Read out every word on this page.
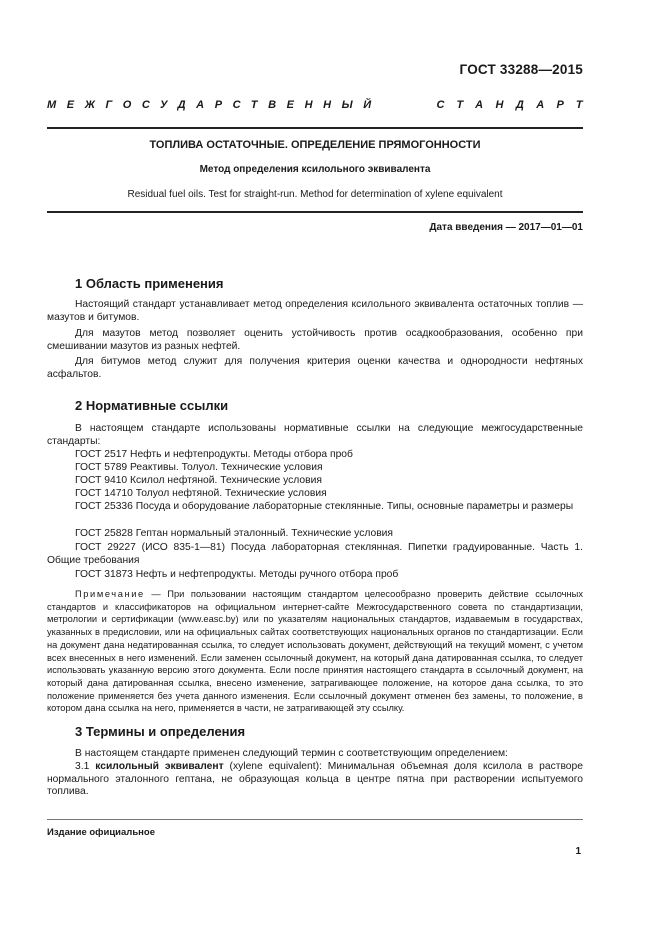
ГОСТ 33288—2015
МЕЖГОСУДАРСТВЕННЫЙ	СТАНДАРТ
ТОПЛИВА ОСТАТОЧНЫЕ. ОПРЕДЕЛЕНИЕ ПРЯМОГОННОСТИ
Метод определения ксилольного эквивалента
Residual fuel oils. Test for straight-run. Method for determination of xylene equivalent
Дата введения — 2017—01—01
1 Область применения
Настоящий стандарт устанавливает метод определения ксилольного эквивалента остаточных топлив — мазутов и битумов.
Для мазутов метод позволяет оценить устойчивость против осадкообразования, особенно при смешивании мазутов из разных нефтей.
Для битумов метод служит для получения критерия оценки качества и однородности нефтяных асфальтов.
2 Нормативные ссылки
В настоящем стандарте использованы нормативные ссылки на следующие межгосударственные стандарты:
ГОСТ 2517 Нефть и нефтепродукты. Методы отбора проб
ГОСТ 5789 Реактивы. Толуол. Технические условия
ГОСТ 9410 Ксилол нефтяной. Технические условия
ГОСТ 14710 Толуол нефтяной. Технические условия
ГОСТ 25336 Посуда и оборудование лабораторные стеклянные. Типы, основные параметры и размеры
ГОСТ 25828 Гептан нормальный эталонный. Технические условия
ГОСТ 29227 (ИСО 835-1—81) Посуда лабораторная стеклянная. Пипетки градуированные. Часть 1. Общие требования
ГОСТ 31873 Нефть и нефтепродукты. Методы ручного отбора проб
Примечание — При пользовании настоящим стандартом целесообразно проверить действие ссылочных стандартов и классификаторов на официальном интернет-сайте Межгосударственного совета по стандартизации, метрологии и сертификации (www.easc.by) или по указателям национальных стандартов, издаваемым в государствах, указанных в предисловии, или на официальных сайтах соответствующих национальных органов по стандартизации. Если на документ дана недатированная ссылка, то следует использовать документ, действующий на текущий момент, с учетом всех внесенных в него изменений. Если заменен ссылочный документ, на который дана датированная ссылка, то следует использовать указанную версию этого документа. Если после принятия настоящего стандарта в ссылочный документ, на который дана датированная ссылка, внесено изменение, затрагивающее положение, на которое дана ссылка, то это положение применяется без учета данного изменения. Если ссылочный документ отменен без замены, то положение, в котором дана ссылка на него, применяется в части, не затрагивающей эту ссылку.
3 Термины и определения
В настоящем стандарте применен следующий термин с соответствующим определением:
3.1 ксилольный эквивалент (xylene equivalent): Минимальная объемная доля ксилола в растворе нормального эталонного гептана, не образующая кольца в центре пятна при растворении испытуемого топлива.
Издание официальное
1
